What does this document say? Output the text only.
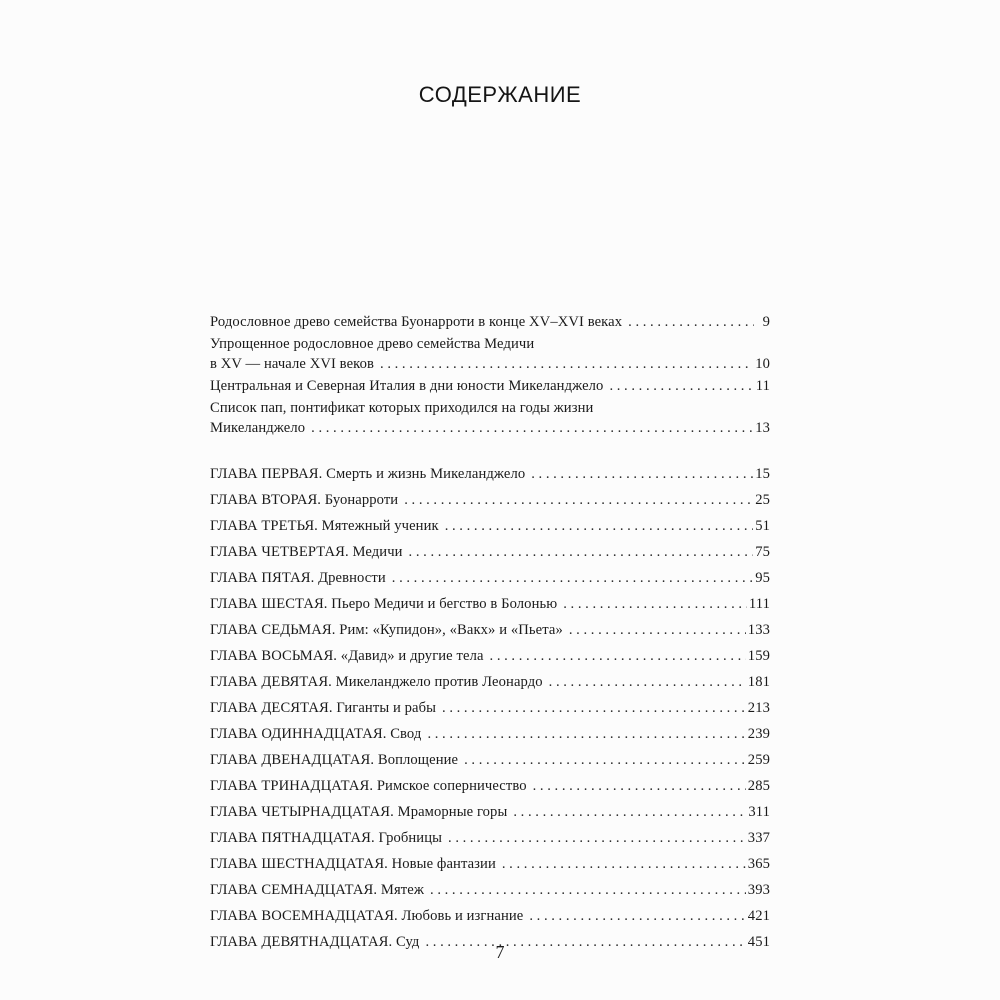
СОДЕРЖАНИЕ
Родословное древо семейства Буонарроти в конце XV–XVI веках . . .	9
Упрощенное родословное древо семейства Медичи
в XV — начале XVI веков . . .	10
Центральная и Северная Италия в дни юности Микеланджело . . .	11
Список пап, понтификат которых приходился на годы жизни
Микеланджело . . .	13
ГЛАВА ПЕРВАЯ. Смерть и жизнь Микеланджело . . .	15
ГЛАВА ВТОРАЯ. Буонарроти . . .	25
ГЛАВА ТРЕТЬЯ. Мятежный ученик . . .	51
ГЛАВА ЧЕТВЕРТАЯ. Медичи . . .	75
ГЛАВА ПЯТАЯ. Древности . . .	95
ГЛАВА ШЕСТАЯ. Пьеро Медичи и бегство в Болонью . . .	111
ГЛАВА СЕДЬМАЯ. Рим: «Купидон», «Вакх» и «Пьета» . . .	133
ГЛАВА ВОСЬМАЯ. «Давид» и другие тела . . .	159
ГЛАВА ДЕВЯТАЯ. Микеланджело против Леонардо . . .	181
ГЛАВА ДЕСЯТАЯ. Гиганты и рабы . . .	213
ГЛАВА ОДИННАДЦАТАЯ. Свод . . .	239
ГЛАВА ДВЕНАДЦАТАЯ. Воплощение . . .	259
ГЛАВА ТРИНАДЦАТАЯ. Римское соперничество . . .	285
ГЛАВА ЧЕТЫРНАДЦАТАЯ. Мраморные горы . . .	311
ГЛАВА ПЯТНАДЦАТАЯ. Гробницы . . .	337
ГЛАВА ШЕСТНАДЦАТАЯ. Новые фантазии . . .	365
ГЛАВА СЕМНАДЦАТАЯ. Мятеж . . .	393
ГЛАВА ВОСЕМНАДЦАТАЯ. Любовь и изгнание . . .	421
ГЛАВА ДЕВЯТНАДЦАТАЯ. Суд . . .	451
7
